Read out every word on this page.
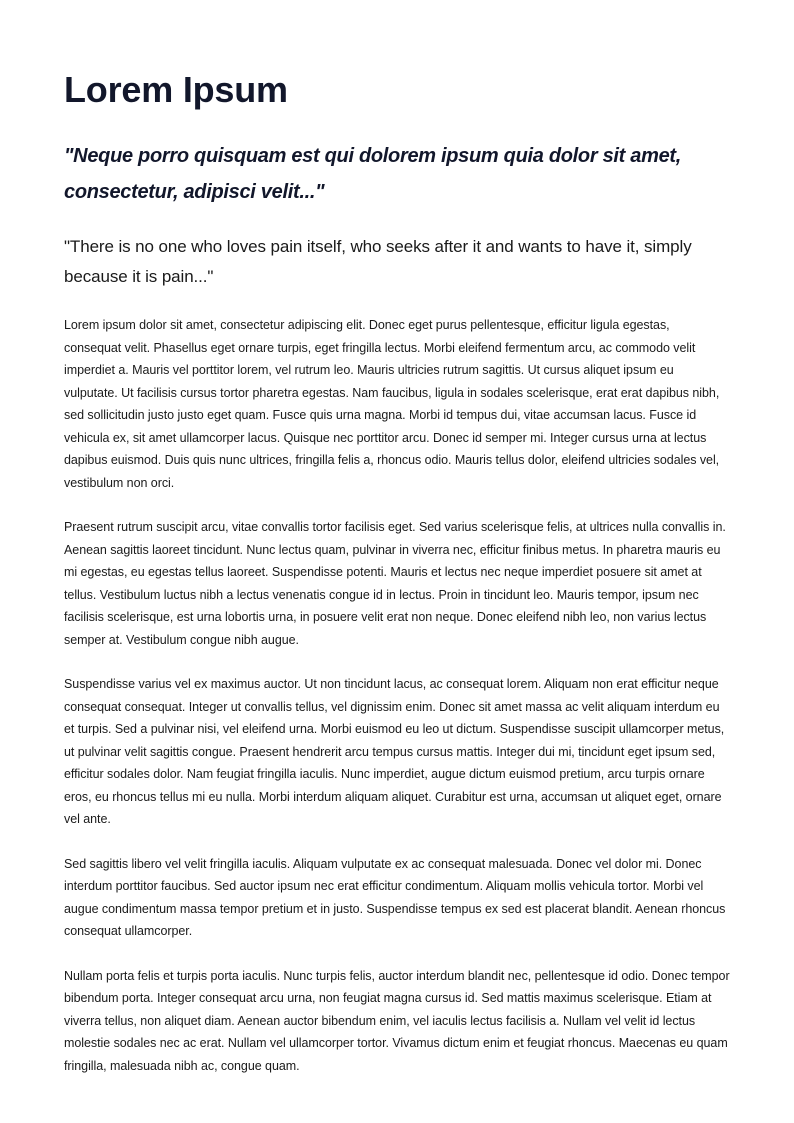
Lorem Ipsum

"Neque porro quisquam est qui dolorem ipsum quia dolor sit amet, consectetur, adipisci velit..."

"There is no one who loves pain itself, who seeks after it and wants to have it, simply because it is pain..."

Lorem ipsum dolor sit amet, consectetur adipiscing elit. Donec eget purus pellentesque, efficitur ligula egestas, consequat velit. Phasellus eget ornare turpis, eget fringilla lectus. Morbi eleifend fermentum arcu, ac commodo velit imperdiet a. Mauris vel porttitor lorem, vel rutrum leo. Mauris ultricies rutrum sagittis. Ut cursus aliquet ipsum eu vulputate. Ut facilisis cursus tortor pharetra egestas. Nam faucibus, ligula in sodales scelerisque, erat erat dapibus nibh, sed sollicitudin justo justo eget quam. Fusce quis urna magna. Morbi id tempus dui, vitae accumsan lacus. Fusce id vehicula ex, sit amet ullamcorper lacus. Quisque nec porttitor arcu. Donec id semper mi. Integer cursus urna at lectus dapibus euismod. Duis quis nunc ultrices, fringilla felis a, rhoncus odio. Mauris tellus dolor, eleifend ultricies sodales vel, vestibulum non orci.

Praesent rutrum suscipit arcu, vitae convallis tortor facilisis eget. Sed varius scelerisque felis, at ultrices nulla convallis in. Aenean sagittis laoreet tincidunt. Nunc lectus quam, pulvinar in viverra nec, efficitur finibus metus. In pharetra mauris eu mi egestas, eu egestas tellus laoreet. Suspendisse potenti. Mauris et lectus nec neque imperdiet posuere sit amet at tellus. Vestibulum luctus nibh a lectus venenatis congue id in lectus. Proin in tincidunt leo. Mauris tempor, ipsum nec facilisis scelerisque, est urna lobortis urna, in posuere velit erat non neque. Donec eleifend nibh leo, non varius lectus semper at. Vestibulum congue nibh augue.

Suspendisse varius vel ex maximus auctor. Ut non tincidunt lacus, ac consequat lorem. Aliquam non erat efficitur neque consequat consequat. Integer ut convallis tellus, vel dignissim enim. Donec sit amet massa ac velit aliquam interdum eu et turpis. Sed a pulvinar nisi, vel eleifend urna. Morbi euismod eu leo ut dictum. Suspendisse suscipit ullamcorper metus, ut pulvinar velit sagittis congue. Praesent hendrerit arcu tempus cursus mattis. Integer dui mi, tincidunt eget ipsum sed, efficitur sodales dolor. Nam feugiat fringilla iaculis. Nunc imperdiet, augue dictum euismod pretium, arcu turpis ornare eros, eu rhoncus tellus mi eu nulla. Morbi interdum aliquam aliquet. Curabitur est urna, accumsan ut aliquet eget, ornare vel ante.

Sed sagittis libero vel velit fringilla iaculis. Aliquam vulputate ex ac consequat malesuada. Donec vel dolor mi. Donec interdum porttitor faucibus. Sed auctor ipsum nec erat efficitur condimentum. Aliquam mollis vehicula tortor. Morbi vel augue condimentum massa tempor pretium et in justo. Suspendisse tempus ex sed est placerat blandit. Aenean rhoncus consequat ullamcorper.

Nullam porta felis et turpis porta iaculis. Nunc turpis felis, auctor interdum blandit nec, pellentesque id odio. Donec tempor bibendum porta. Integer consequat arcu urna, non feugiat magna cursus id. Sed mattis maximus scelerisque. Etiam at viverra tellus, non aliquet diam. Aenean auctor bibendum enim, vel iaculis lectus facilisis a. Nullam vel velit id lectus molestie sodales nec ac erat. Nullam vel ullamcorper tortor. Vivamus dictum enim et feugiat rhoncus. Maecenas eu quam fringilla, malesuada nibh ac, congue quam.
